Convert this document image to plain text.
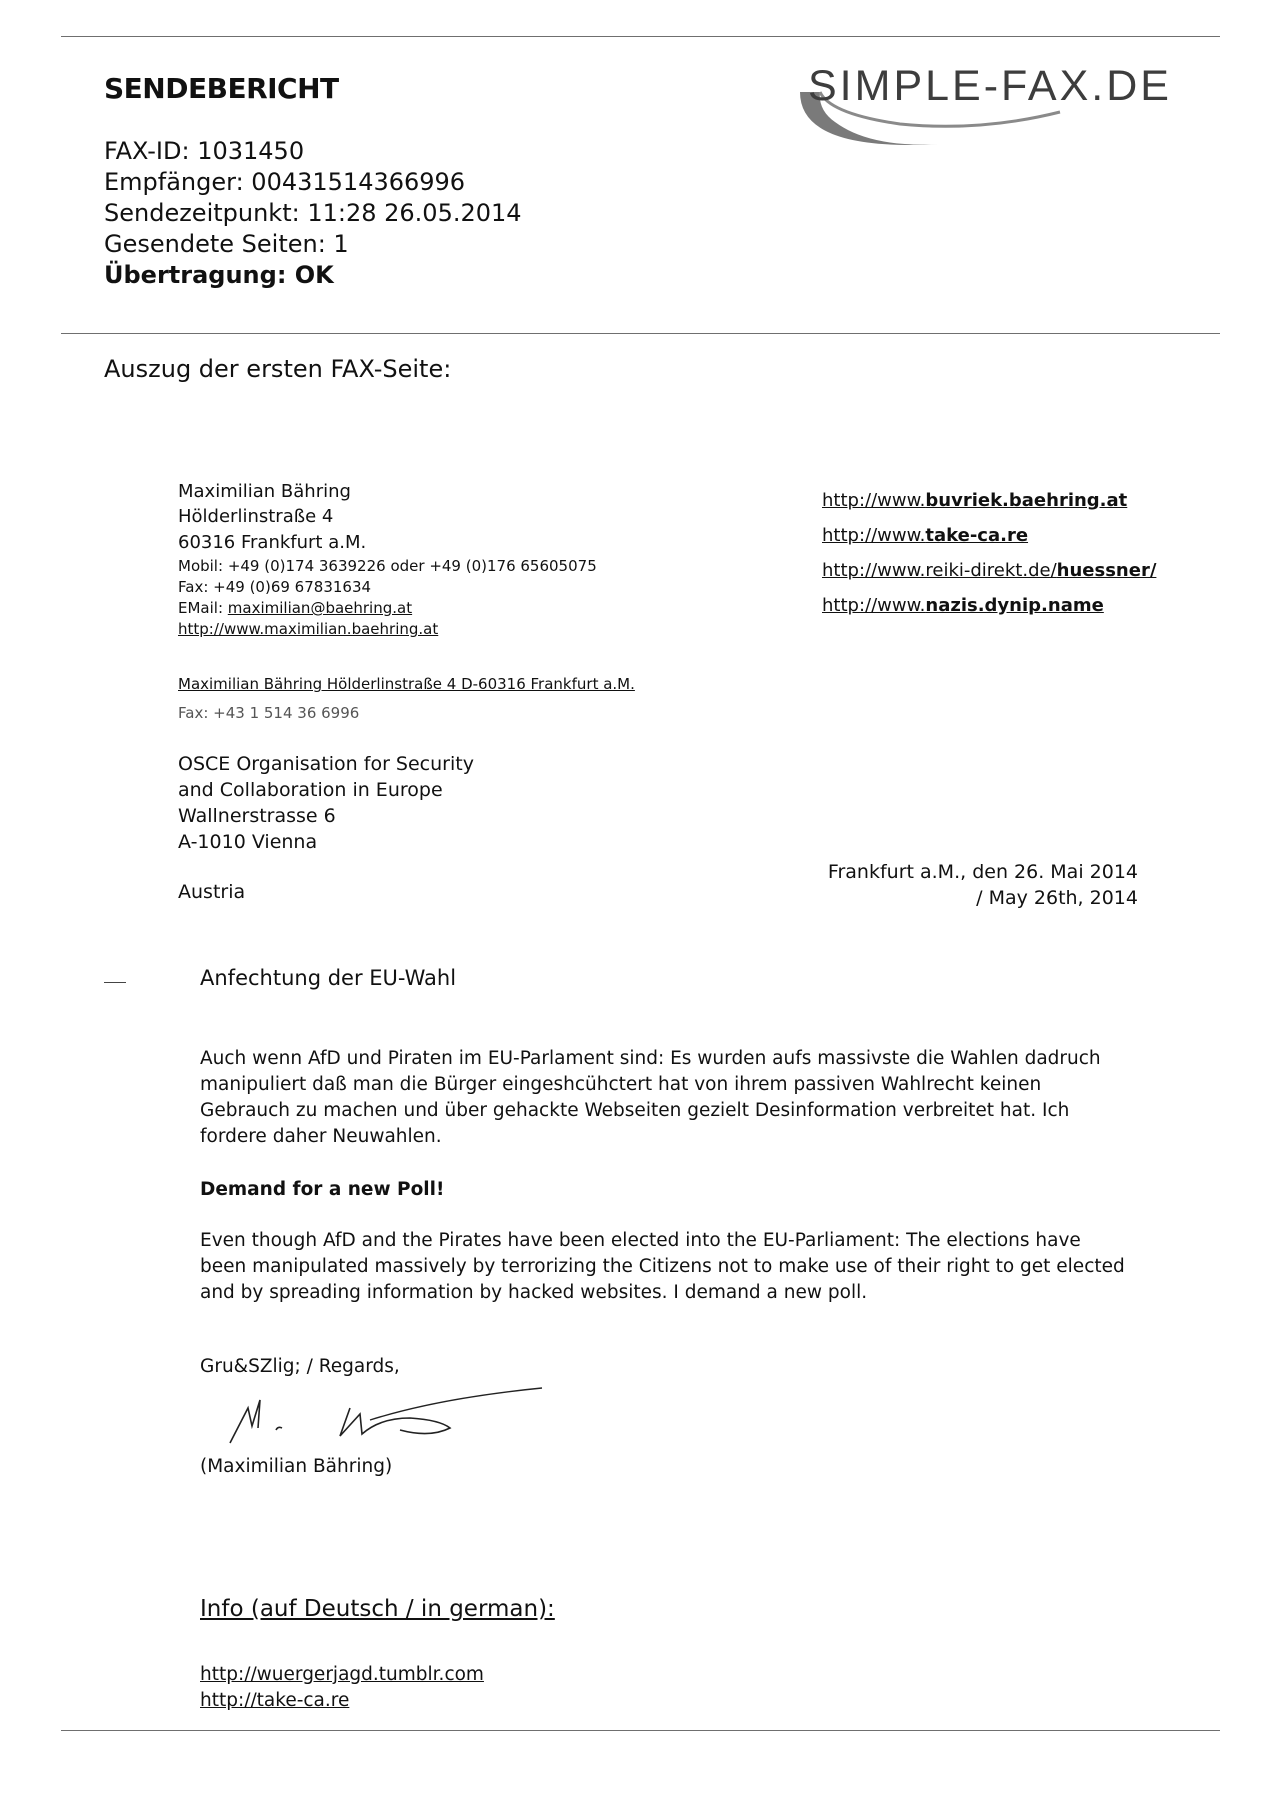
SENDEBERICHT	SIMPLE-FAX.DE
FAX-ID: 1031450
Empfänger: 00431514366996
Sendezeitpunkt: 11:28 26.05.2014
Gesendete Seiten: 1
Übertragung: OK
Auszug der ersten FAX-Seite:
Maximilian Bähring
Hölderlinstraße 4
60316 Frankfurt a.M.
Mobil: +49 (0)174 3639226 oder +49 (0)176 65605075
Fax: +49 (0)69 67831634
EMail: maximilian@baehring.at
http://www.maximilian.baehring.at
http://www.buvriek.baehring.at
http://www.take-ca.re
http://www.reiki-direkt.de/huessner/
http://www.nazis.dynip.name
Maximilian Bähring Hölderlinstraße 4 D-60316 Frankfurt a.M.
Fax: +43 1 514 36 6996
OSCE Organisation for Security
and Collaboration in Europe
Wallnerstrasse 6
A-1010 Vienna
Austria
Frankfurt a.M., den 26. Mai 2014
/ May 26th, 2014
Anfechtung der EU-Wahl
Auch wenn AfD und Piraten im EU-Parlament sind: Es wurden aufs massivste die Wahlen dadruch manipuliert daß man die Bürger eingeshcühctert hat von ihrem passiven Wahlrecht keinen Gebrauch zu machen und über gehackte Webseiten gezielt Desinformation verbreitet hat. Ich fordere daher Neuwahlen.
Demand for a new Poll!
Even though AfD and the Pirates have been elected into the EU-Parliament: The elections have been manipulated massively by terrorizing the Citizens not to make use of their right to get elected and by spreading information by hacked websites. I demand a new poll.
Gru&SZlig; / Regards,
(Maximilian Bähring)
Info (auf Deutsch / in german):
http://wuergerjagd.tumblr.com
http://take-ca.re
